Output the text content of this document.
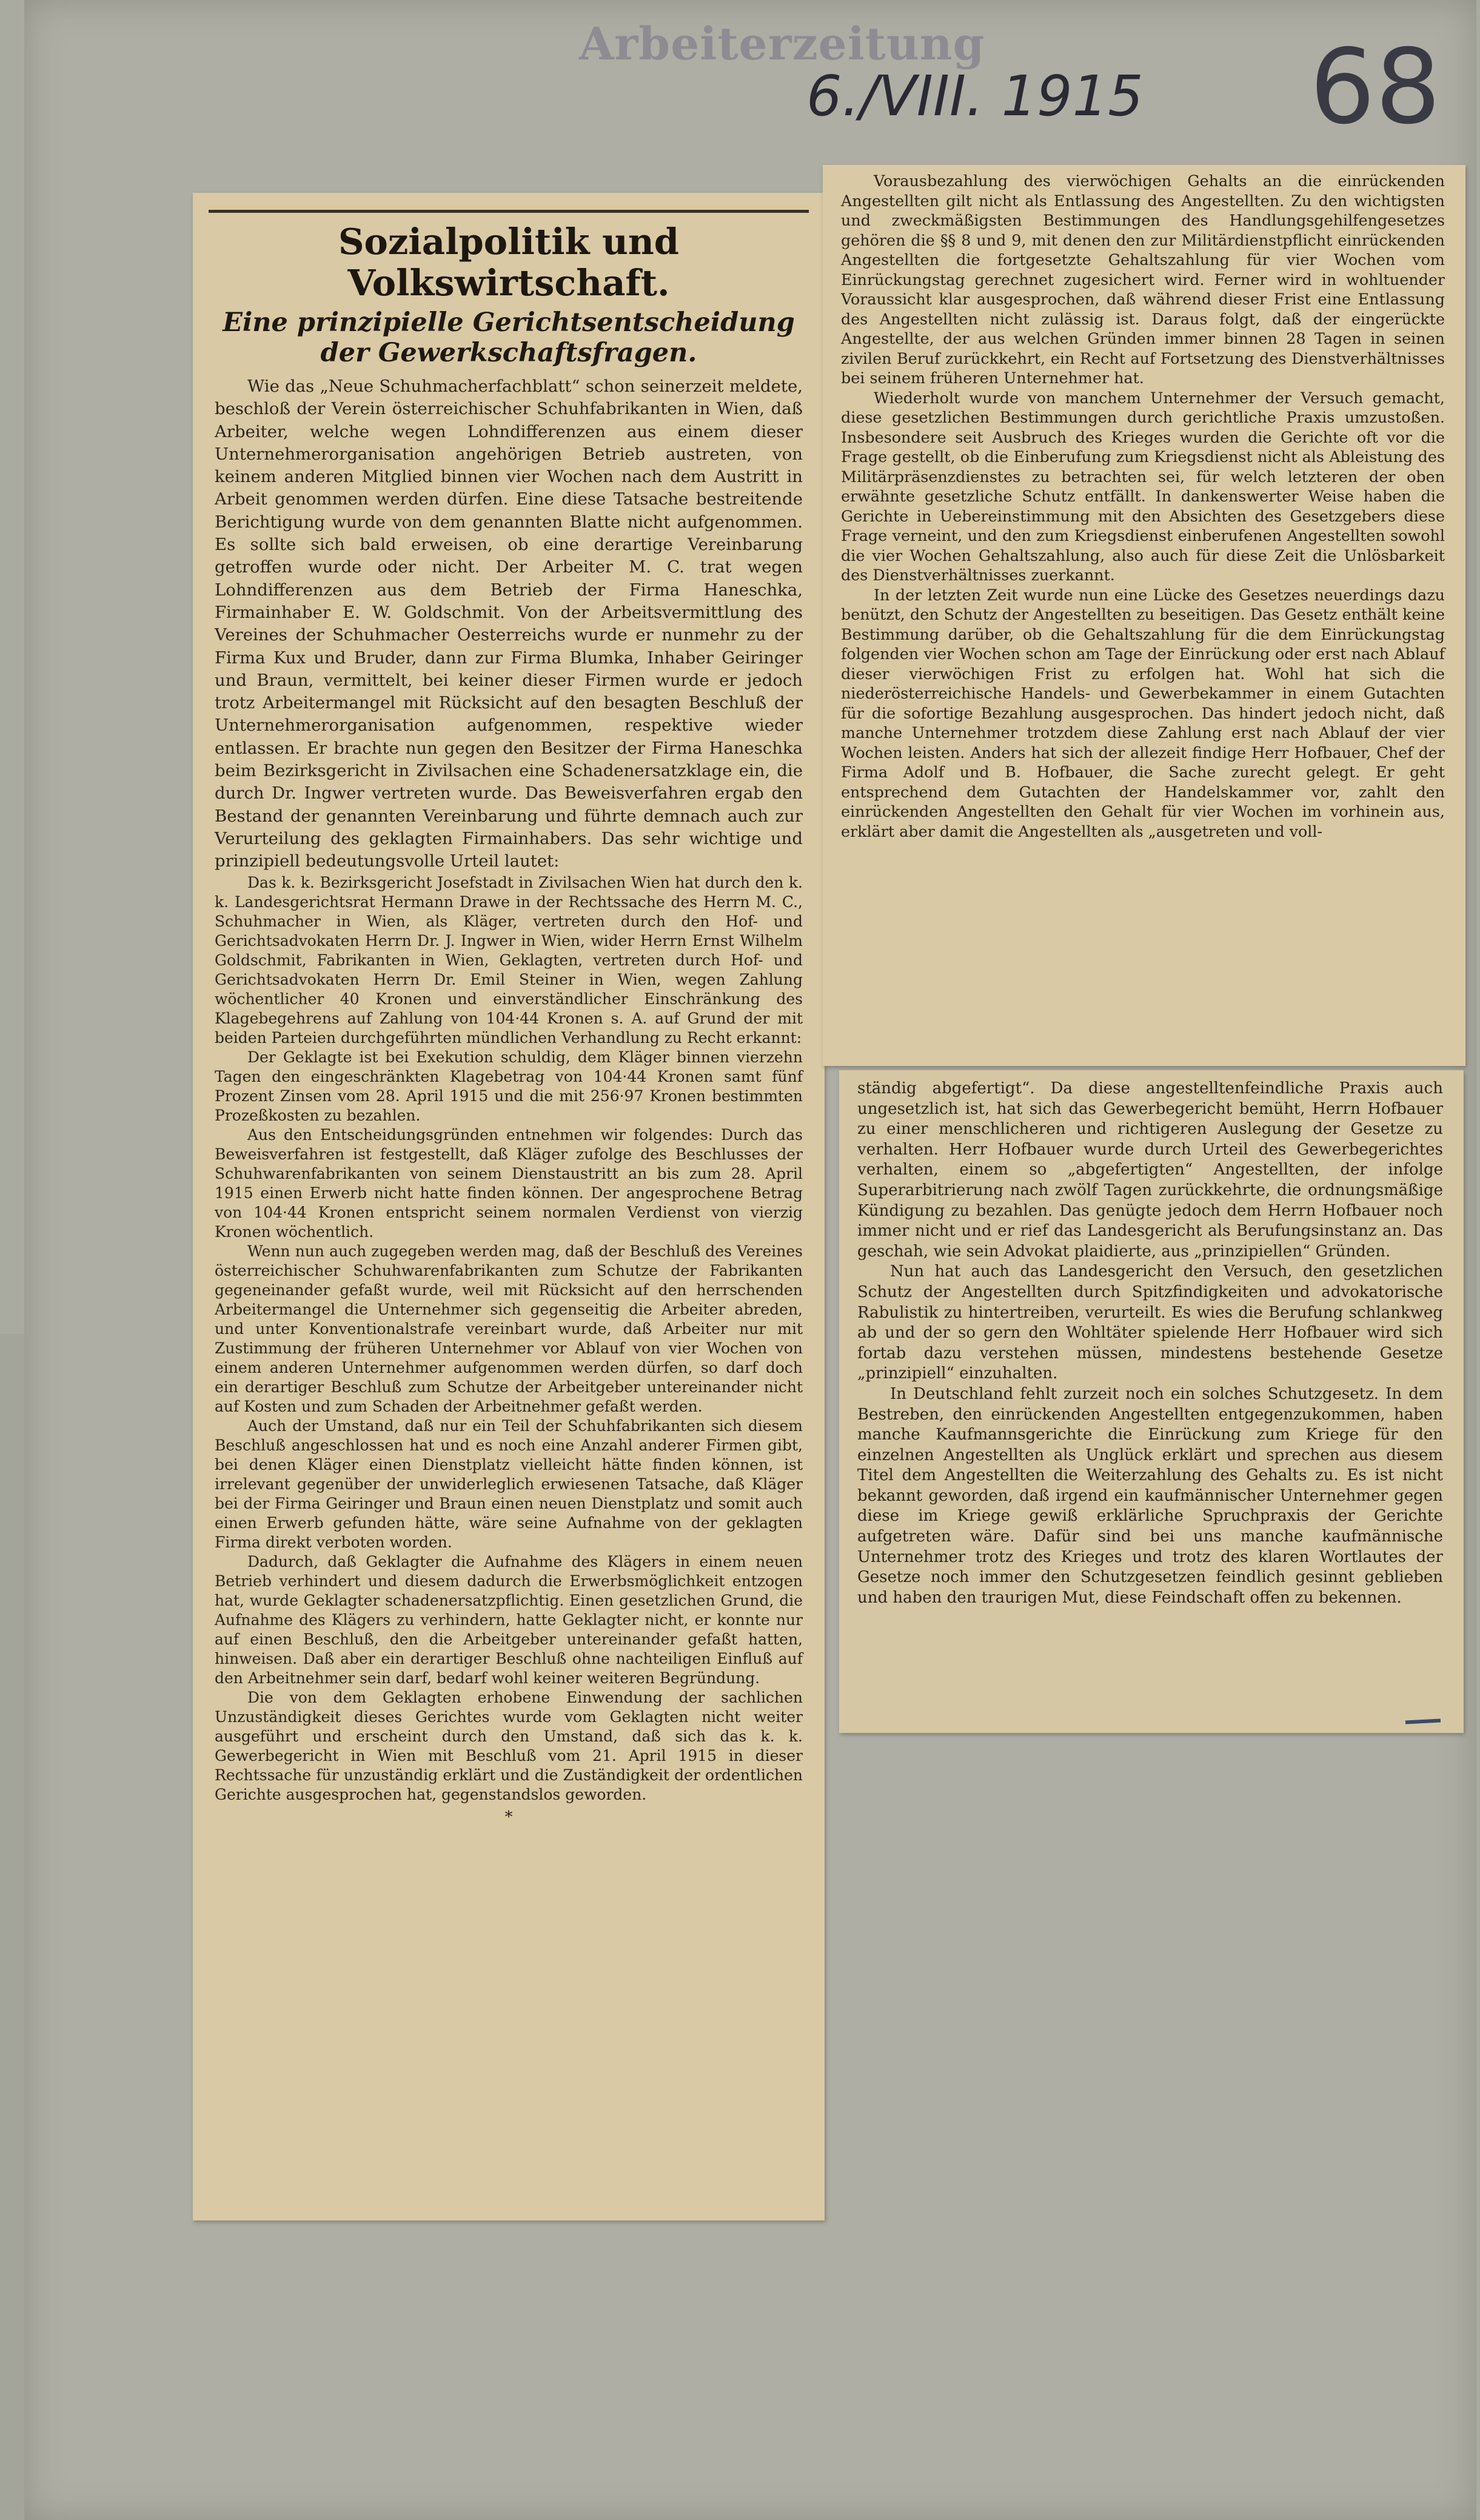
Arbeiterzeitung
6./VIII. 1915 68
Sozialpolitik und Volkswirtschaft.
Eine prinzipielle Gerichtsentscheidung der Gewerkschaftsfragen.

Wie das „Neue Schuhmacherfachblatt“ schon seinerzeit meldete, beschloß der Verein österreichischer Schuhfabrikanten in Wien, daß Arbeiter, welche wegen Lohndifferenzen aus einem dieser Unternehmerorganisation angehörigen Betrieb austreten, von keinem anderen Mitglied binnen vier Wochen nach dem Austritt in Arbeit genommen werden dürfen. Eine diese Tatsache bestreitende Berichtigung wurde von dem genannten Blatte nicht aufgenommen. Es sollte sich bald erweisen, ob eine derartige Vereinbarung getroffen wurde oder nicht. Der Arbeiter M. C. trat wegen Lohndifferenzen aus dem Betrieb der Firma Haneschka, Firmainhaber E. W. Goldschmit. Von der Arbeitsvermittlung des Vereines der Schuhmacher Oesterreichs wurde er nunmehr zu der Firma Kux und Bruder, dann zur Firma Blumka, Inhaber Geiringer und Braun, vermittelt, bei keiner dieser Firmen wurde er jedoch trotz Arbeitermangel mit Rücksicht auf den besagten Beschluß der Unternehmerorganisation aufgenommen, respektive wieder entlassen. Er brachte nun gegen den Besitzer der Firma Haneschka beim Bezirksgericht in Zivilsachen eine Schadenersatzklage ein, die durch Dr. Ingwer vertreten wurde. Das Beweisverfahren ergab den Bestand der genannten Vereinbarung und führte demnach auch zur Verurteilung des geklagten Firmainhabers. Das sehr wichtige und prinzipiell bedeutungsvolle Urteil lautet:

Das k. k. Bezirksgericht Josefstadt in Zivilsachen Wien hat durch den k. k. Landesgerichtsrat Hermann Drawe in der Rechtssache des Herrn M. C., Schuhmacher in Wien, als Kläger, vertreten durch den Hof- und Gerichtsadvokaten Herrn Dr. J. Ingwer in Wien, wider Herrn Ernst Wilhelm Goldschmit, Fabrikanten in Wien, Geklagten, vertreten durch Hof- und Gerichtsadvokaten Herrn Dr. Emil Steiner in Wien, wegen Zahlung wöchentlicher 40 Kronen und einverständlicher Einschränkung des Klagebegehrens auf Zahlung von 104·44 Kronen s. A. auf Grund der mit beiden Parteien durchgeführten mündlichen Verhandlung zu Recht erkannt:

Der Geklagte ist bei Exekution schuldig, dem Kläger binnen vierzehn Tagen den eingeschränkten Klagebetrag von 104·44 Kronen samt fünf Prozent Zinsen vom 28. April 1915 und die mit 256·97 Kronen bestimmten Prozeßkosten zu bezahlen.

Aus den Entscheidungsgründen entnehmen wir folgendes: Durch das Beweisverfahren ist festgestellt, daß Kläger zufolge des Beschlusses der Schuhwarenfabrikanten von seinem Dienstaustritt an bis zum 28. April 1915 einen Erwerb nicht hatte finden können. Der angesprochene Betrag von 104·44 Kronen entspricht seinem normalen Verdienst von vierzig Kronen wöchentlich.

Wenn nun auch zugegeben werden mag, daß der Beschluß des Vereines österreichischer Schuhwarenfabrikanten zum Schutze der Fabrikanten gegeneinander gefaßt wurde, weil mit Rücksicht auf den herrschenden Arbeitermangel die Unternehmer sich gegenseitig die Arbeiter abreden, und unter Konventionalstrafe vereinbart wurde, daß Arbeiter nur mit Zustimmung der früheren Unternehmer vor Ablauf von vier Wochen von einem anderen Unternehmer aufgenommen werden dürfen, so darf doch ein derartiger Beschluß zum Schutze der Arbeitgeber untereinander nicht auf Kosten und zum Schaden der Arbeitnehmer gefaßt werden.

Auch der Umstand, daß nur ein Teil der Schuhfabrikanten sich diesem Beschluß angeschlossen hat und es noch eine Anzahl anderer Firmen gibt, bei denen Kläger einen Dienstplatz vielleicht hätte finden können, ist irrelevant gegenüber der unwiderleglich erwiesenen Tatsache, daß Kläger bei der Firma Geiringer und Braun einen neuen Dienstplatz und somit auch einen Erwerb gefunden hätte, wäre seine Aufnahme von der geklagten Firma direkt verboten worden.

Dadurch, daß Geklagter die Aufnahme des Klägers in einem neuen Betrieb verhindert und diesem dadurch die Erwerbsmöglichkeit entzogen hat, wurde Geklagter schadenersatzpflichtig. Einen gesetzlichen Grund, die Aufnahme des Klägers zu verhindern, hatte Geklagter nicht, er konnte nur auf einen Beschluß, den die Arbeitgeber untereinander gefaßt hatten, hinweisen. Daß aber ein derartiger Beschluß ohne nachteiligen Einfluß auf den Arbeitnehmer sein darf, bedarf wohl keiner weiteren Begründung.

Die von dem Geklagten erhobene Einwendung der sachlichen Unzuständigkeit dieses Gerichtes wurde vom Geklagten nicht weiter ausgeführt und erscheint durch den Umstand, daß sich das k. k. Gewerbegericht in Wien mit Beschluß vom 21. April 1915 in dieser Rechtssache für unzuständig erklärt und die Zuständigkeit der ordentlichen Gerichte ausgesprochen hat, gegenstandslos geworden.

*

Vorausbezahlung des vierwöchigen Gehalts an die einrückenden Angestellten gilt nicht als Entlassung des Angestellten. Zu den wichtigsten und zweckmäßigsten Bestimmungen des Handlungsgehilfengesetzes gehören die §§ 8 und 9, mit denen den zur Militärdienstpflicht einrückenden Angestellten die fortgesetzte Gehaltszahlung für vier Wochen vom Einrückungstag gerechnet zugesichert wird. Ferner wird in wohltuender Voraussicht klar ausgesprochen, daß während dieser Frist eine Entlassung des Angestellten nicht zulässig ist. Daraus folgt, daß der eingerückte Angestellte, der aus welchen Gründen immer binnen 28 Tagen in seinen zivilen Beruf zurückkehrt, ein Recht auf Fortsetzung des Dienstverhältnisses bei seinem früheren Unternehmer hat.

Wiederholt wurde von manchem Unternehmer der Versuch gemacht, diese gesetzlichen Bestimmungen durch gerichtliche Praxis umzustoßen. Insbesondere seit Ausbruch des Krieges wurden die Gerichte oft vor die Frage gestellt, ob die Einberufung zum Kriegsdienst nicht als Ableistung des Militärpräsenzdienstes zu betrachten sei, für welch letzteren der oben erwähnte gesetzliche Schutz entfällt. In dankenswerter Weise haben die Gerichte in Uebereinstimmung mit den Absichten des Gesetzgebers diese Frage verneint, und den zum Kriegsdienst einberufenen Angestellten sowohl die vier Wochen Gehaltszahlung, also auch für diese Zeit die Unlösbarkeit des Dienstverhältnisses zuerkannt.

In der letzten Zeit wurde nun eine Lücke des Gesetzes neuerdings dazu benützt, den Schutz der Angestellten zu beseitigen. Das Gesetz enthält keine Bestimmung darüber, ob die Gehaltszahlung für die dem Einrückungstag folgenden vier Wochen schon am Tage der Einrückung oder erst nach Ablauf dieser vierwöchigen Frist zu erfolgen hat. Wohl hat sich die niederösterreichische Handels- und Gewerbekammer in einem Gutachten für die sofortige Bezahlung ausgesprochen. Das hindert jedoch nicht, daß manche Unternehmer trotzdem diese Zahlung erst nach Ablauf der vier Wochen leisten. Anders hat sich der allezeit findige Herr Hofbauer, Chef der Firma Adolf und B. Hofbauer, die Sache zurecht gelegt. Er geht entsprechend dem Gutachten der Handelskammer vor, zahlt den einrückenden Angestellten den Gehalt für vier Wochen im vorhinein aus, erklärt aber damit die Angestellten als „ausgetreten und voll-

ständig abgefertigt“. Da diese angestelltenfeindliche Praxis auch ungesetzlich ist, hat sich das Gewerbegericht bemüht, Herrn Hofbauer zu einer menschlicheren und richtigeren Auslegung der Gesetze zu verhalten. Herr Hofbauer wurde durch Urteil des Gewerbegerichtes verhalten, einem so „abgefertigten“ Angestellten, der infolge Superarbitrierung nach zwölf Tagen zurückkehrte, die ordnungsmäßige Kündigung zu bezahlen. Das genügte jedoch dem Herrn Hofbauer noch immer nicht und er rief das Landesgericht als Berufungsinstanz an. Das geschah, wie sein Advokat plaidierte, aus „prinzipiellen“ Gründen.

Nun hat auch das Landesgericht den Versuch, den gesetzlichen Schutz der Angestellten durch Spitzfindigkeiten und advokatorische Rabulistik zu hintertreiben, verurteilt. Es wies die Berufung schlankweg ab und der so gern den Wohltäter spielende Herr Hofbauer wird sich fortab dazu verstehen müssen, mindestens bestehende Gesetze „prinzipiell“ einzuhalten.

In Deutschland fehlt zurzeit noch ein solches Schutzgesetz. In dem Bestreben, den einrückenden Angestellten entgegenzukommen, haben manche Kaufmannsgerichte die Einrückung zum Kriege für den einzelnen Angestellten als Unglück erklärt und sprechen aus diesem Titel dem Angestellten die Weiterzahlung des Gehalts zu. Es ist nicht bekannt geworden, daß irgend ein kaufmännischer Unternehmer gegen diese im Kriege gewiß erklärliche Spruchpraxis der Gerichte aufgetreten wäre. Dafür sind bei uns manche kaufmännische Unternehmer trotz des Krieges und trotz des klaren Wortlautes der Gesetze noch immer den Schutzgesetzen feindlich gesinnt geblieben und haben den traurigen Mut, diese Feindschaft offen zu bekennen.
